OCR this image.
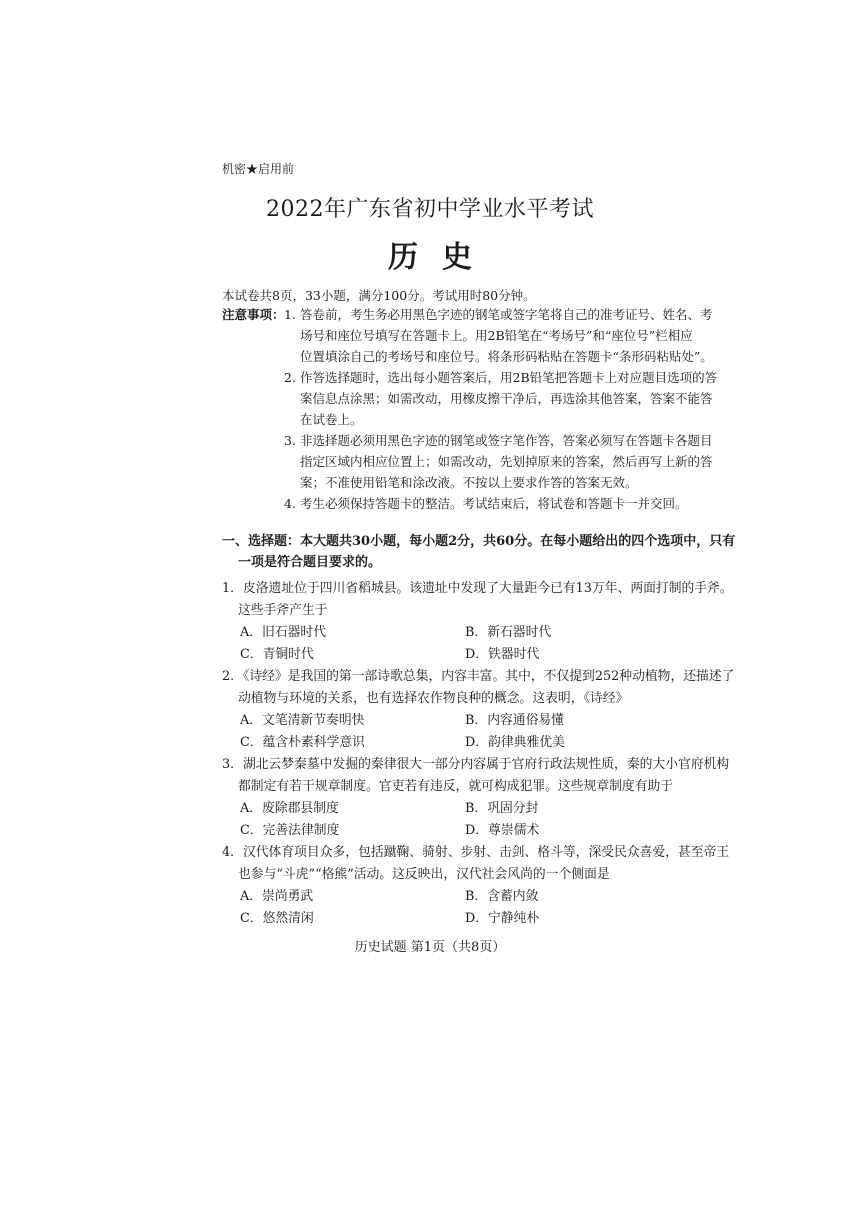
机密★启用前
2022年广东省初中学业水平考试
历史
本试卷共8页，33小题，满分100分。考试用时80分钟。
注意事项： 1. 答卷前，考生务必用黑色字迹的钢笔或签字笔将自己的准考证号、姓名、考
场号和座位号填写在答题卡上。用2B铅笔在“考场号”和“座位号”栏相应
位置填涂自己的考场号和座位号。将条形码粘贴在答题卡“条形码粘贴处”。
2. 作答选择题时，选出每小题答案后，用2B铅笔把答题卡上对应题目选项的答
案信息点涂黑；如需改动，用橡皮擦干净后，再选涂其他答案，答案不能答
在试卷上。
3. 非选择题必须用黑色字迹的钢笔或签字笔作答，答案必须写在答题卡各题目
指定区域内相应位置上；如需改动，先划掉原来的答案，然后再写上新的答
案；不准使用铅笔和涂改液。不按以上要求作答的答案无效。
4. 考生必须保持答题卡的整洁。考试结束后，将试卷和答题卡一并交回。
一、选择题：本大题共30小题，每小题2分，共60分。在每小题给出的四个选项中，只有
一项是符合题目要求的。
1．皮洛遗址位于四川省稻城县。该遗址中发现了大量距今已有13万年、两面打制的手斧。
这些手斧产生于
A．旧石器时代	B．新石器时代
C．青铜时代	D．铁器时代
2．《诗经》是我国的第一部诗歌总集，内容丰富。其中，不仅提到252种动植物，还描述了
动植物与环境的关系，也有选择农作物良种的概念。这表明，《诗经》
A．文笔清新节奏明快	B．内容通俗易懂
C．蕴含朴素科学意识	D．韵律典雅优美
3．湖北云梦秦墓中发掘的秦律很大一部分内容属于官府行政法规性质，秦的大小官府机构
都制定有若干规章制度。官吏若有违反，就可构成犯罪。这些规章制度有助于
A．废除郡县制度	B．巩固分封
C．完善法律制度	D．尊崇儒术
4．汉代体育项目众多，包括蹴鞠、骑射、步射、击剑、格斗等，深受民众喜爱，甚至帝王
也参与“斗虎”“格熊”活动。这反映出，汉代社会风尚的一个侧面是
A．崇尚勇武	B．含蓄内敛
C．悠然清闲	D．宁静纯朴
历史试题 第1页（共8页）
